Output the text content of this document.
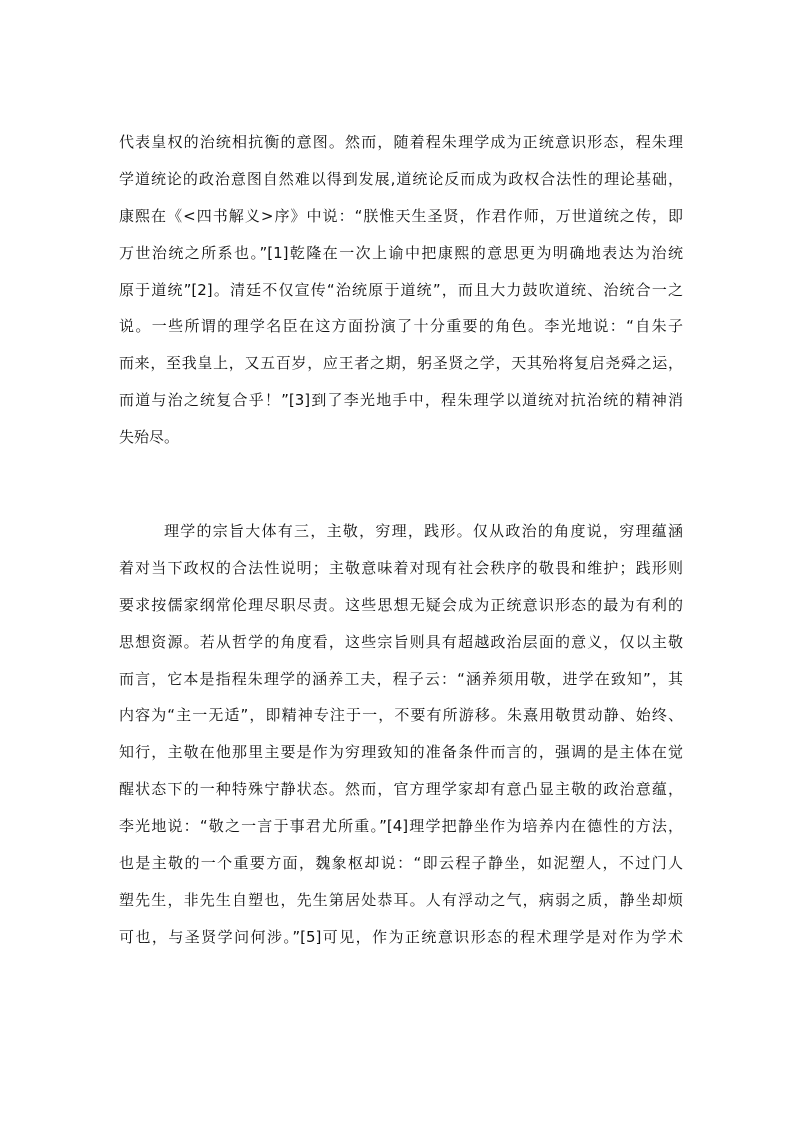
代表皇权的治统相抗衡的意图。然而，随着程朱理学成为正统意识形态，程朱理
学道统论的政治意图自然难以得到发展,道统论反而成为政权合法性的理论基础，
康熙在《<四书解义>序》中说：“朕惟天生圣贤，作君作师，万世道统之传，即
万世治统之所系也。”[1]乾隆在一次上谕中把康熙的意思更为明确地表达为治统
原于道统”[2]。清廷不仅宣传“治统原于道统”，而且大力鼓吹道统、治统合一之
说。一些所谓的理学名臣在这方面扮演了十分重要的角色。李光地说：“自朱子
而来，至我皇上，又五百岁，应王者之期，躬圣贤之学，天其殆将复启尧舜之运，
而道与治之统复合乎！”[3]到了李光地手中，程朱理学以道统对抗治统的精神消
失殆尽。
理学的宗旨大体有三，主敬，穷理，践形。仅从政治的角度说，穷理蕴涵
着对当下政权的合法性说明；主敬意味着对现有社会秩序的敬畏和维护；践形则
要求按儒家纲常伦理尽职尽责。这些思想无疑会成为正统意识形态的最为有利的
思想资源。若从哲学的角度看，这些宗旨则具有超越政治层面的意义，仅以主敬
而言，它本是指程朱理学的涵养工夫，程子云：“涵养须用敬，进学在致知”，其
内容为“主一无适”，即精神专注于一，不要有所游移。朱熹用敬贯动静、始终、
知行，主敬在他那里主要是作为穷理致知的准备条件而言的，强调的是主体在觉
醒状态下的一种特殊宁静状态。然而，官方理学家却有意凸显主敬的政治意蕴，
李光地说：“敬之一言于事君尤所重。”[4]理学把静坐作为培养内在德性的方法，
也是主敬的一个重要方面，魏象枢却说：“即云程子静坐，如泥塑人，不过门人
塑先生，非先生自塑也，先生第居处恭耳。人有浮动之气，病弱之质，静坐却烦
可也，与圣贤学问何涉。”[5]可见，作为正统意识形态的程术理学是对作为学术
